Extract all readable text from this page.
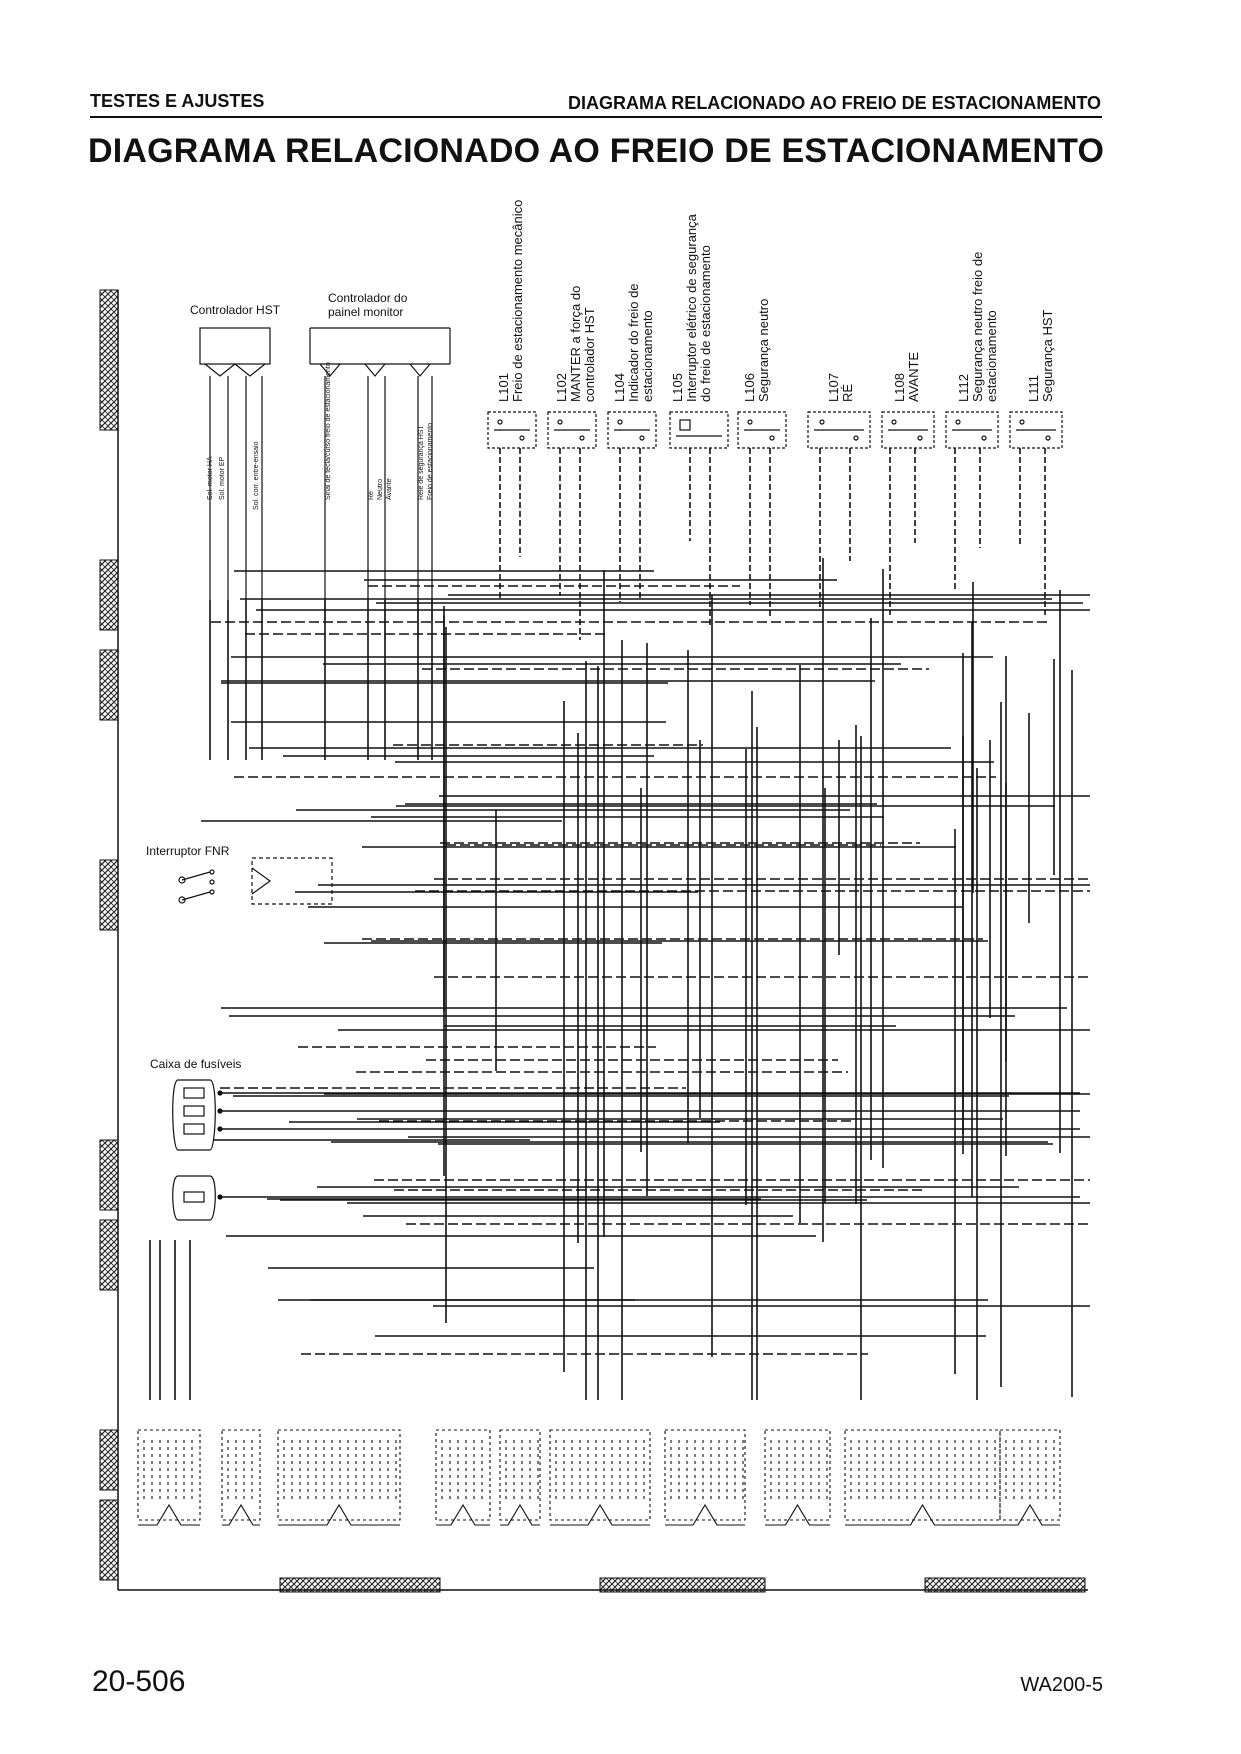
TESTES E AJUSTES	DIAGRAMA RELACIONADO AO FREIO DE ESTACIONAMENTO
DIAGRAMA RELACIONADO AO FREIO DE ESTACIONAMENTO
Sol. motor HA Sol. motor EP	Sol. corr. entre-ensaio	Sinal de tecla/curso freio de estacionamento	Ré Neutro Avante	Relé de segurança HST Freio de estacionamento
Controlador HST
Controlador do
painel monitor
Interruptor FNR
Caixa de fusíveis
L101 Freio de estacionamento mecânico L102 MANTER a força do controlador HST L104 Indicador do freio de estacionamento L105 Interruptor elétrico de segurança do freio de estacionamento L106 Segurança neutro	L107 RÉ	L108 AVANTE	L112 Segurança neutro freio de estacionamento L111 Segurança HST
20-506	WA200-5
